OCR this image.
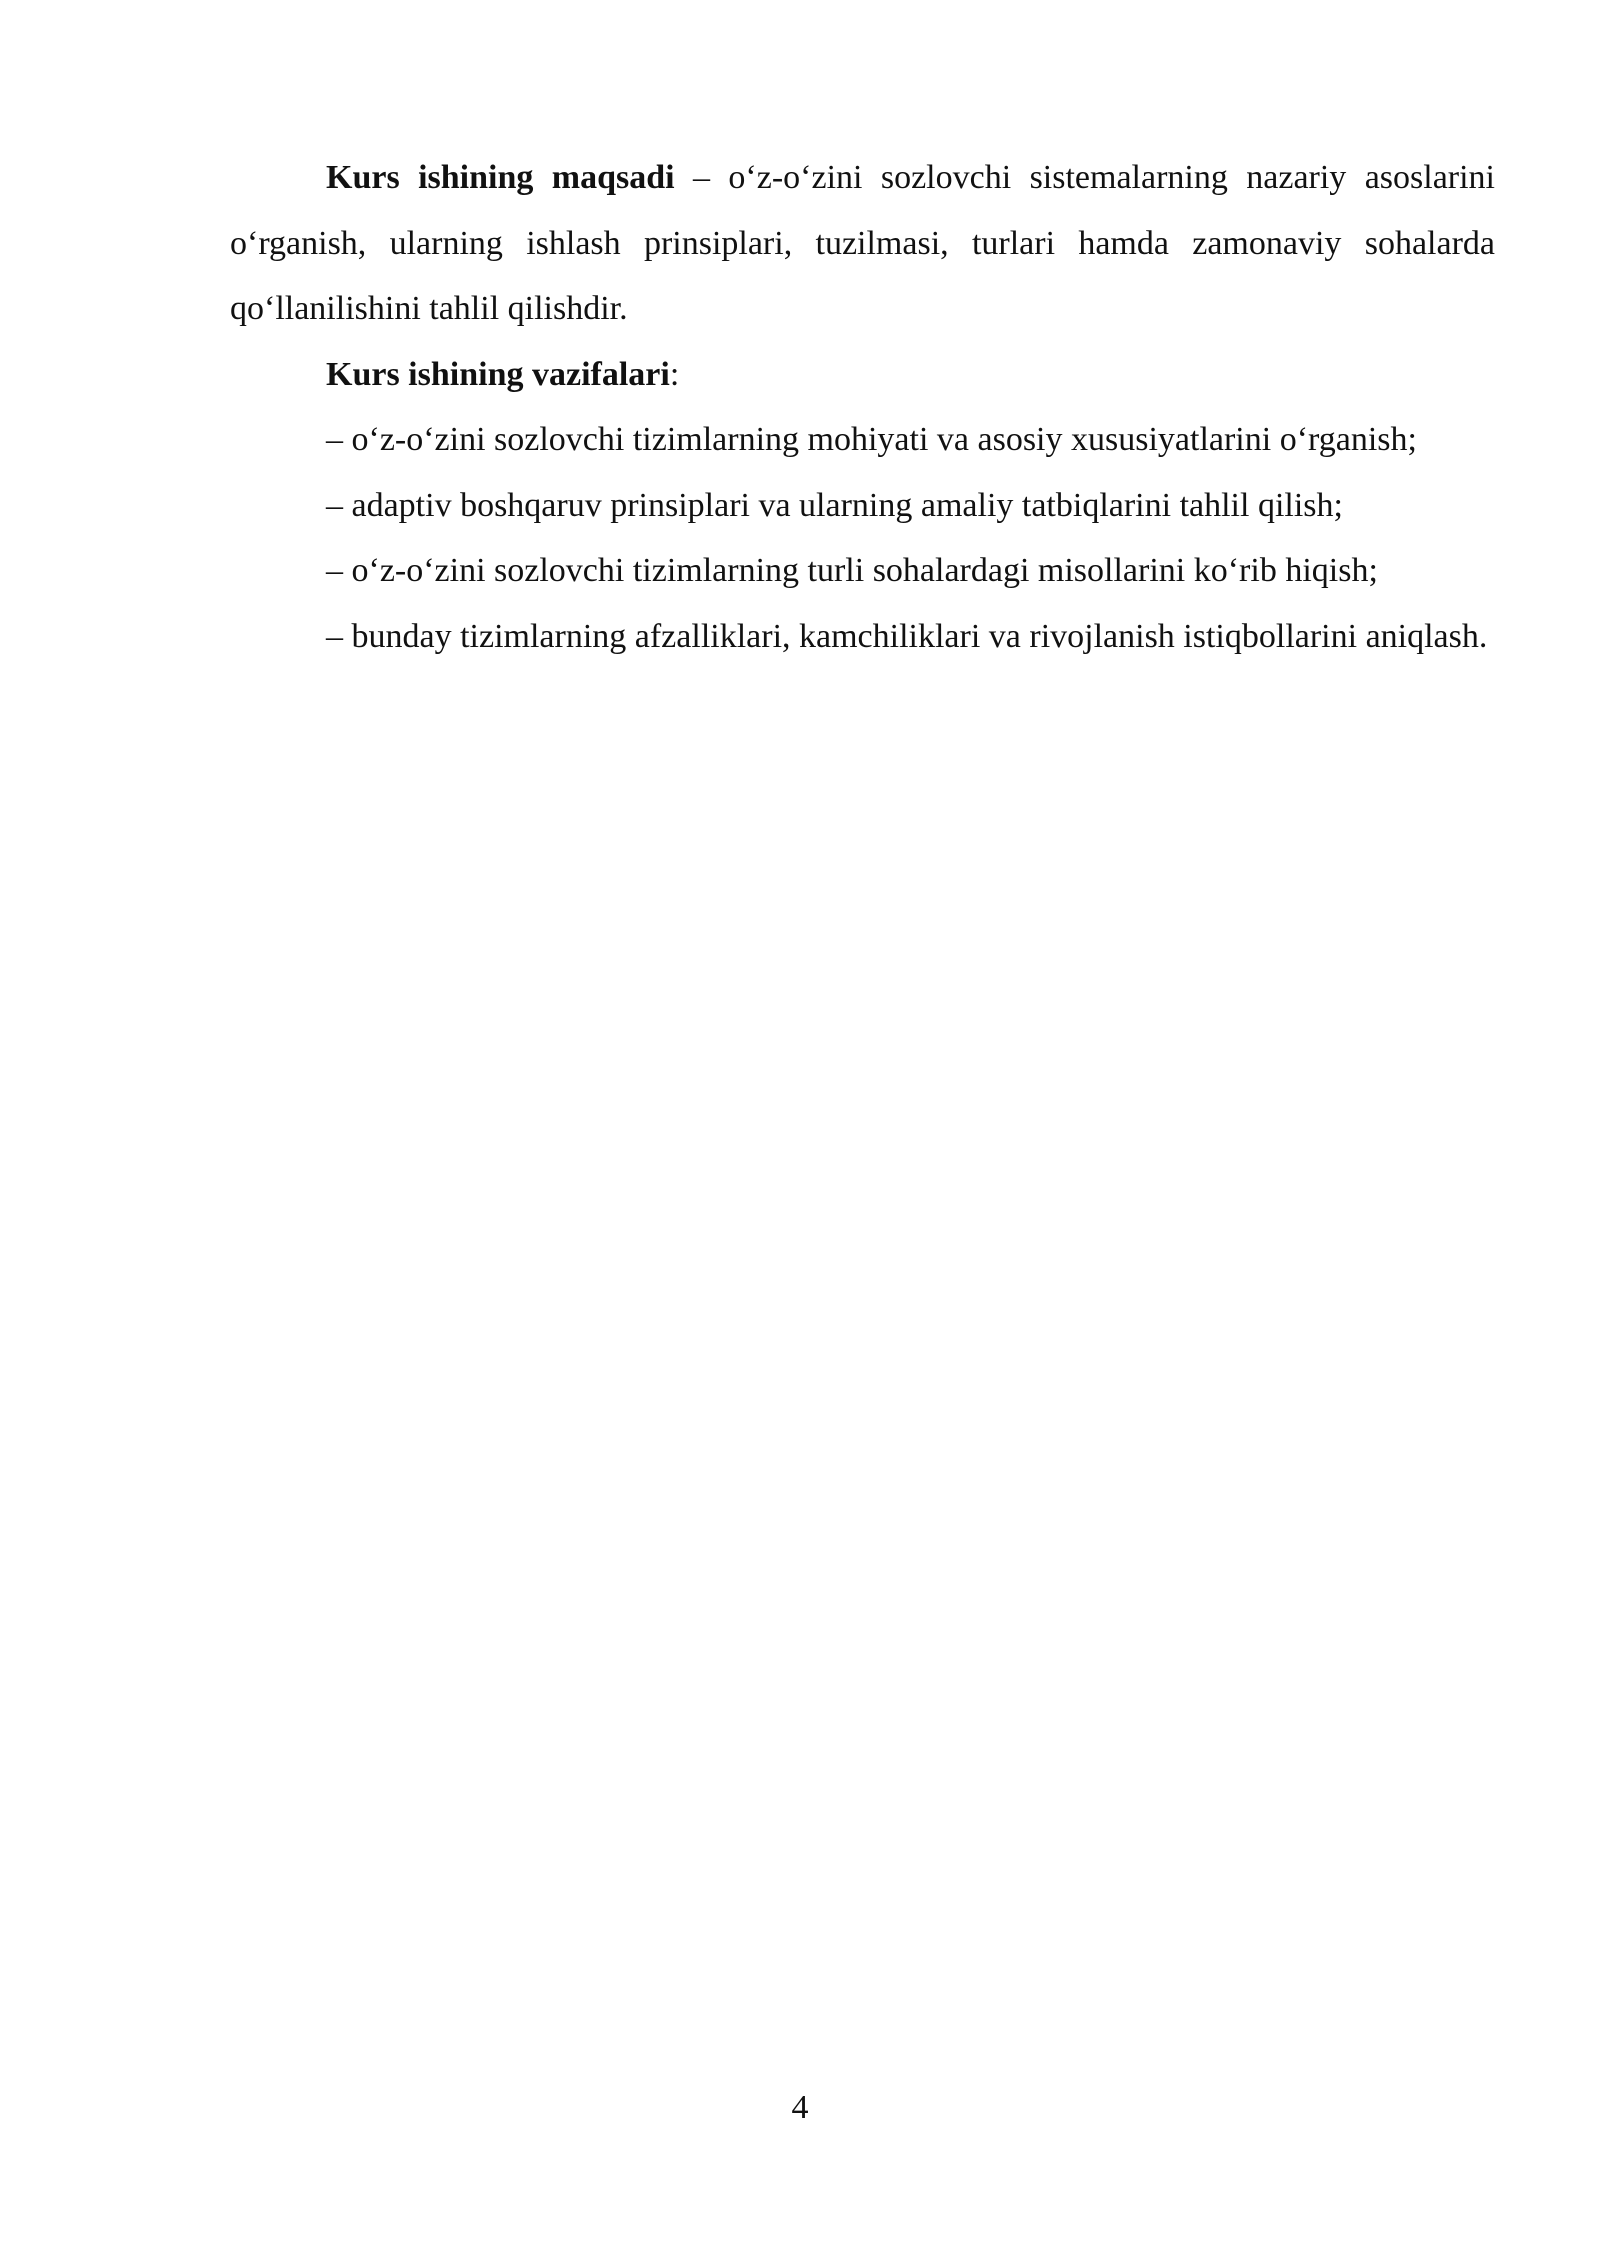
Kurs ishining maqsadi – o‘z-o‘zini sozlovchi sistemalarning nazariy asoslarini o‘rganish, ularning ishlash prinsiplari, tuzilmasi, turlari hamda zamonaviy sohalarda qo‘llanilishini tahlil qilishdir.

Kurs ishining vazifalari:

– o‘z-o‘zini sozlovchi tizimlarning mohiyati va asosiy xususiyatlarini o‘rganish;

– adaptiv boshqaruv prinsiplari va ularning amaliy tatbiqlarini tahlil qilish;

– o‘z-o‘zini sozlovchi tizimlarning turli sohalardagi misollarini ko‘rib hiqish;

– bunday tizimlarning afzalliklari, kamchiliklari va rivojlanish istiqbollarini aniqlash.

4
